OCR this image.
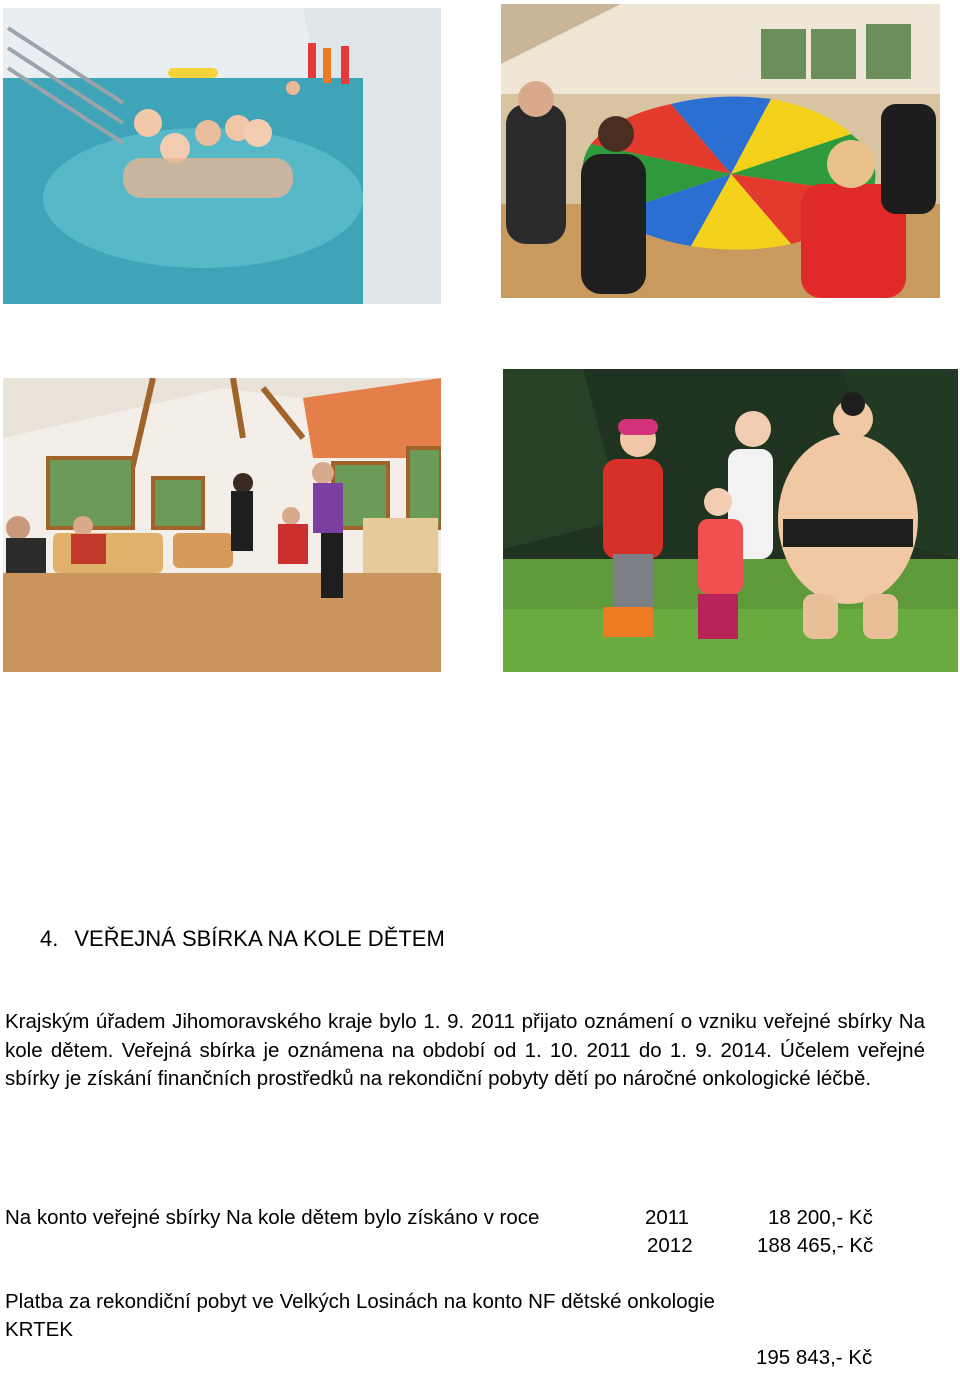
4. VEŘEJNÁ SBÍRKA NA KOLE DĚTEM
Krajským úřadem Jihomoravského kraje bylo 1. 9. 2011 přijato oznámení o vzniku veřejné sbírky Na kole dětem. Veřejná sbírka je oznámena na období od 1. 10. 2011 do 1. 9. 2014. Účelem veřejné sbírky je získání finančních prostředků na rekondiční pobyty dětí po náročné onkologické léčbě.
Na konto veřejné sbírky Na kole dětem bylo získáno v roce	2011	18 200,- Kč
2012	188 465,- Kč
Platba za rekondiční pobyt ve Velkých Losinách na konto NF dětské onkologie
KRTEK
195 843,- Kč
